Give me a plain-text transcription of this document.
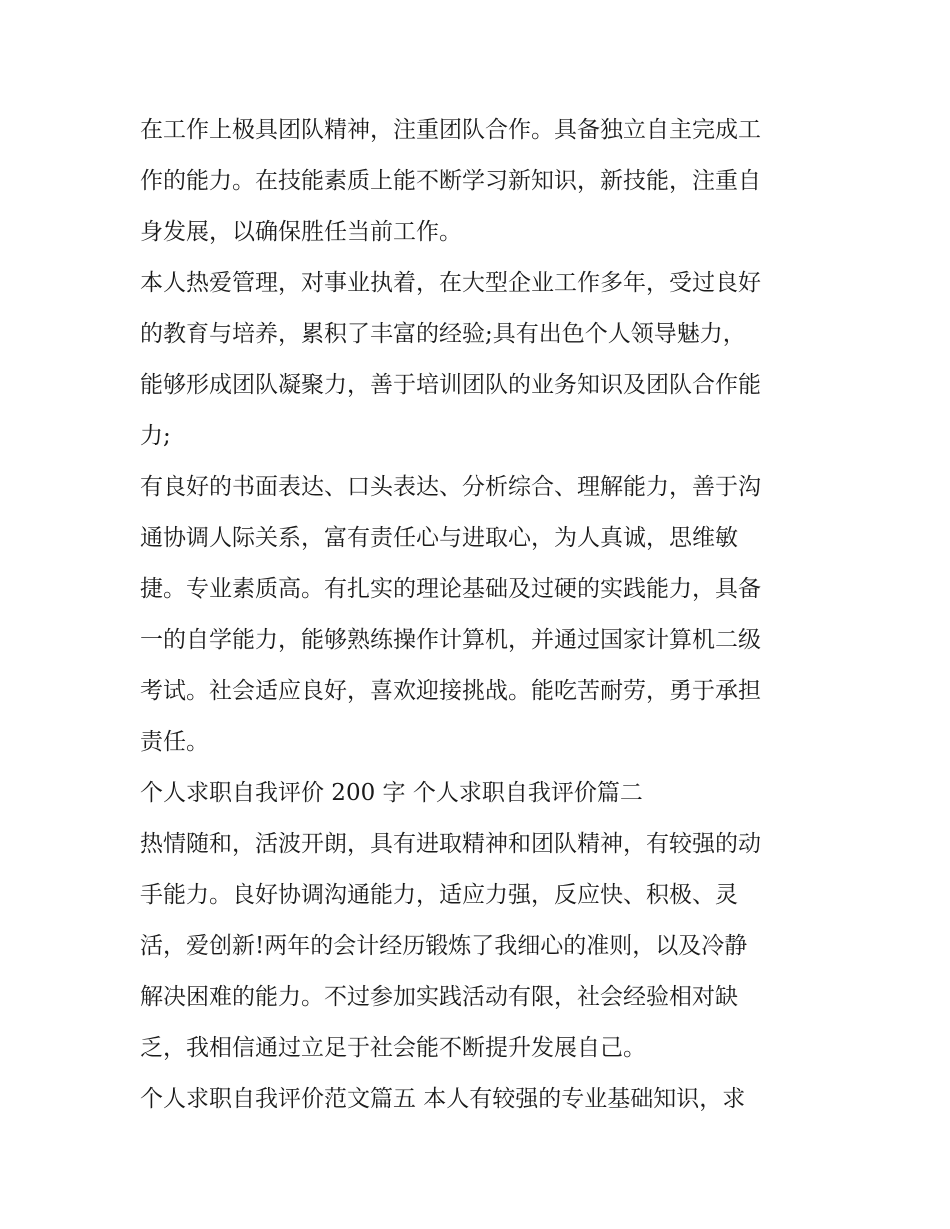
在工作上极具团队精神，注重团队合作。具备独立自主完成工
作的能力。在技能素质上能不断学习新知识，新技能，注重自
身发展，以确保胜任当前工作。
本人热爱管理，对事业执着，在大型企业工作多年，受过良好
的教育与培养，累积了丰富的经验;具有出色个人领导魅力，
能够形成团队凝聚力，善于培训团队的业务知识及团队合作能
力;
有良好的书面表达、口头表达、分析综合、理解能力，善于沟
通协调人际关系，富有责任心与进取心，为人真诚，思维敏
捷。专业素质高。有扎实的理论基础及过硬的实践能力，具备
一的自学能力，能够熟练操作计算机，并通过国家计算机二级
考试。社会适应良好，喜欢迎接挑战。能吃苦耐劳，勇于承担
责任。
个人求职自我评价 200 字 个人求职自我评价篇二
热情随和，活波开朗，具有进取精神和团队精神，有较强的动
手能力。良好协调沟通能力，适应力强，反应快、积极、灵
活，爱创新!两年的会计经历锻炼了我细心的准则，以及冷静
解决困难的能力。不过参加实践活动有限，社会经验相对缺
乏，我相信通过立足于社会能不断提升发展自己。
个人求职自我评价范文篇五 本人有较强的专业基础知识，求
